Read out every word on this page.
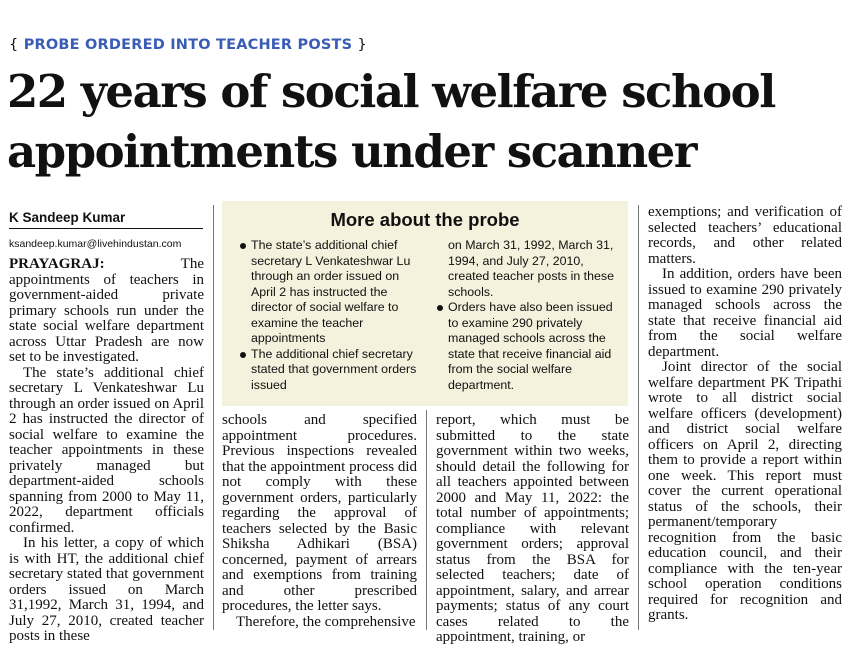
{ PROBE ORDERED INTO TEACHER POSTS }
22 years of social welfare school
appointments under scanner
K Sandeep Kumar
ksandeep.kumar@livehindustan.com

PRAYAGRAJ: The appointments of teachers in government-aided private primary schools run under the state social welfare department across Uttar Pradesh are now set to be investigated.

The state’s additional chief secretary L Venkateshwar Lu through an order issued on April 2 has instructed the director of social welfare to examine the teacher appointments in these privately managed but department-aided schools spanning from 2000 to May 11, 2022, department officials confirmed.

In his letter, a copy of which is with HT, the additional chief secretary stated that government orders issued on March 31,1992, March 31, 1994, and July 27, 2010, created teacher posts in these

schools and specified appointment procedures. Previous inspections revealed that the appointment process did not comply with these government orders, particularly regarding the approval of teachers selected by the Basic Shiksha Adhikari (BSA) concerned, payment of arrears and exemptions from training and other prescribed procedures, the letter says.

Therefore, the comprehensive

report, which must be submitted to the state government within two weeks, should detail the following for all teachers appointed between 2000 and May 11, 2022: the total number of appointments; compliance with relevant government orders; approval status from the BSA for selected teachers; date of appointment, salary, and arrear payments; status of any court cases related to the appointment, training, or

exemptions; and verification of selected teachers’ educational records, and other related matters.

In addition, orders have been issued to examine 290 privately managed schools across the state that receive financial aid from the social welfare department.

Joint director of the social welfare department PK Tripathi wrote to all district social welfare officers (development) and district social welfare officers on April 2, directing them to provide a report within one week. This report must cover the current operational status of the schools, their permanent/temporary recognition from the basic education council, and their compliance with the ten-year school operation conditions required for recognition and grants.

More about the probe
The state’s additional chief secretary L Venkateshwar Lu through an order issued on April 2 has instructed the director of social welfare to examine the teacher appointments
The additional chief secretary stated that government orders issued
on March 31, 1992, March 31, 1994, and July 27, 2010, created teacher posts in these schools.
Orders have also been issued to examine 290 privately managed schools across the state that receive financial aid from the social welfare department.
